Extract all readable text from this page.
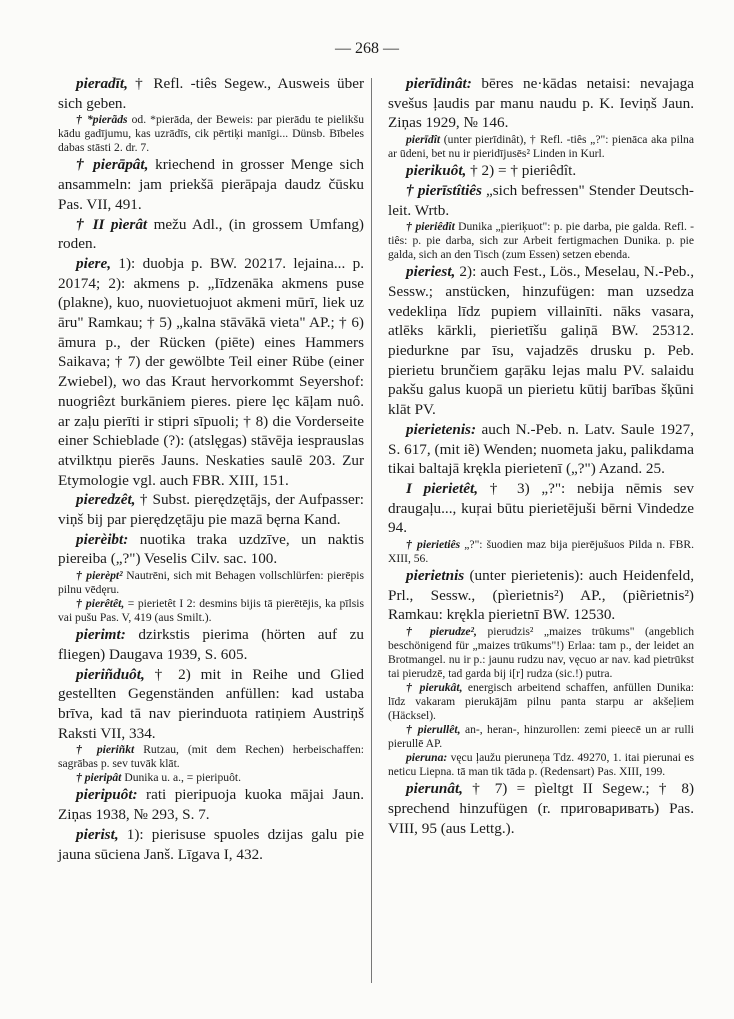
— 268 —

pieradīt, † Refl. -tiês Segew., Ausweis über sich geben.

† *pierãds od. *pierāda, der Beweis: par pierādu te pielikšu kādu gadījumu, kas uzrādīs, cik pērtiķi manīgi... Dünsb. Bībeles dabas stāsti 2. dr. 7.

† pierāpât, kriechend in grosser Menge sich ansammeln: jam priekšā pierāpaja daudz čūsku Pas. VII, 491.

† II pìerât mežu Adl., (in grossem Umfang) roden.

piere, 1): duobja p. BW. 20217. lejaina... p. 20174; 2): akmens p. „Iīdzenāka akmens puse (plakne), kuo, nuovietuojuot akmeni mūrī, liek uz āru" Ramkau; † 5) „kalna stāvākā vieta" AP.; † 6) āmura p., der Rücken (piēte) eines Hammers Saikava; † 7) der gewölbte Teil einer Rübe (einer Zwiebel), wo das Kraut hervorkommt Seyershof: nuogriêzt burkāniem pieres. piere lęc kāļam nuô. ar zaļu pierīti ir stipri sīpuoli; † 8) die Vorderseite einer Schieblade (?): (atslęgas) stāvēja iesprauslas atvilktņu pierēs Jauns. Neskaties saulē 203. Zur Etymologie vgl. auch FBR. XIII, 151.

pieredzêt, † Subst. pierędzętājs, der Aufpasser: viņš bij par pierędzętāju pie mazā bęrna Kand.

pierèibt: nuotika traka uzdzīve, un naktis piereiba („?") Veselis Cilv. sac. 100.

† pierèpt² Nautrēni, sich mit Behagen vollschlürfen: pierēpis pilnu vēdęru.

† pierêtêt, = pierietêt I 2: desmins bijis tā pierētējis, ka pīlsis vai pušu Pas. V, 419 (aus Smilt.).

pierimt: dzirkstis pierima (hörten auf zu fliegen) Daugava 1939, S. 605.

pieriñduôt, † 2) mit in Reihe und Glied gestellten Gegenständen anfüllen: kad ustaba brīva, kad tā nav pierinduota ratiņiem Austriņš Raksti VII, 334.

† pieriñkt Rutzau, (mit dem Rechen) herbeischaffen: sagrābas p. sev tuvāk klāt.

† pieripât Dunika u. a., = pieripuôt.

pieripuôt: rati pieripuoja kuoka mājai Jaun. Ziņas 1938, № 293, S. 7.

pierist, 1): pierisuse spuoles dzijas galu pie jauna sūciena Janš. Līgava I, 432.

pierīdinât: bēres ne·kādas netaisi: nevajaga svešus ļaudis par manu naudu p. K. Ieviņš Jaun. Ziņas 1929, № 146.

pierīdît (unter pierīdinât), † Refl. -tiês „?": pienāca aka pilna ar ūdeni, bet nu ir pieridījusēs² Linden in Kurl.

pierikuôt, † 2) = † pieriêdît.

† pierīstîtiês „sich befressen" Stender Deutsch-leit. Wrtb.

† pieriêdît Dunika „pieriķuot": p. pie darba, pie galda. Refl. -tiês: p. pie darba, sich zur Arbeit fertigmachen Dunika. p. pie galda, sich an den Tisch (zum Essen) setzen ebenda.

pieriest, 2): auch Fest., Lös., Meselau, N.-Peb., Sessw.; anstücken, hinzufügen: man uzsedza vedekliņa līdz pupiem villainīti. nāks vasara, atlēks kārkli, pierietīšu galiņā BW. 25312. piedurkne par īsu, vajadzēs drusku p. Peb. pierietu brunčiem gaŗāku lejas malu PV. salaidu pakšu galus kuopā un pierietu kūtij barības šķūni klāt PV.

pierietenis: auch N.-Peb. n. Latv. Saule 1927, S. 617, (mit iẽ) Wenden; nuometa jaku, palikdama tikai baltajā krękla pierietenī („?") Azand. 25.

I pierietêt, † 3) „?": nebija nēmis sev draugaļu..., kuŗai būtu pierietējuši bērni Vindedze 94.

† pierietiês „?": šuodien maz bija pierējušuos Pilda n. FBR. XIII, 56.

pierietnis (unter pierietenis): auch Heidenfeld, Prl., Sessw., (pìerietnis²) AP., (piẽrietnis²) Ramkau: krękla pierietnī BW. 12530.

† pierudze², pierudzis² „maizes trūkums" (angeblich beschönigend für „maizes trūkums"!) Erlaa: tam p., der leidet an Brotmangel. nu ir p.: jaunu rudzu nav, vęcuo ar nav. kad pietrūkst tai pierudzē, tad garda bij i[r] rudza (sic.!) putra.

† pierukât, energisch arbeitend schaffen, anfüllen Dunika: līdz vakaram pierukājām pilnu panta starpu ar akšeļiem (Häcksel).

† pierullêt, an-, heran-, hinzurollen: zemi pieecē un ar rulli pierullē AP.

pieruna: vęcu ļaužu pieruneņa Tdz. 49270, 1. itai pierunai es neticu Liepna. tā man tik tāda p. (Redensart) Pas. XIII, 199.

pierunât, † 7) = pìeltgt II Segew.; † 8) sprechend hinzufügen (r. приговаривать) Pas. VIII, 95 (aus Lettg.).
